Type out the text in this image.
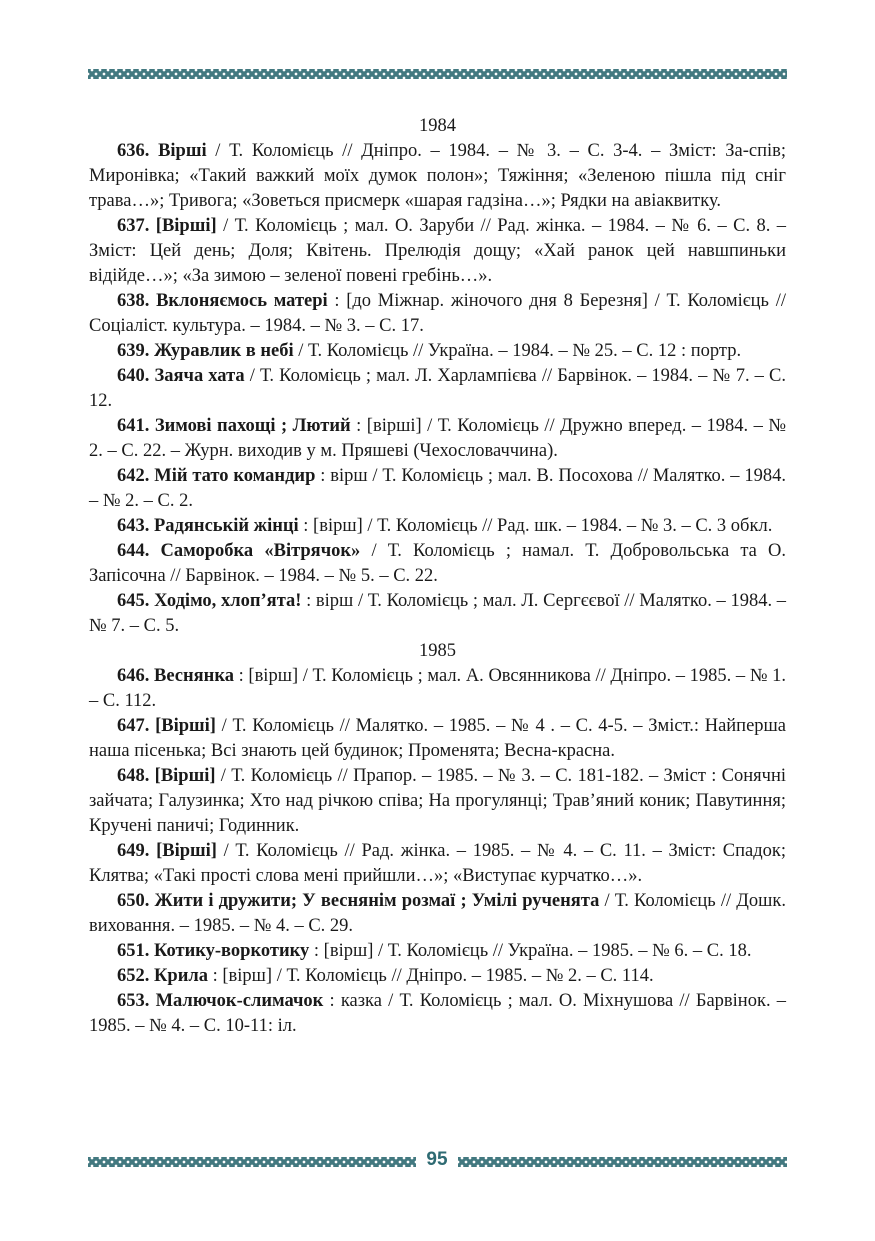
1984

636. Вірші / Т. Коломієць // Дніпро. – 1984. – № 3. – С. 3-4. – Зміст: За-спів; Миронівка; «Такий важкий моїх думок полон»; Тяжіння; «Зеленою пішла під сніг трава…»; Тривога; «Зоветься присмерк «шарая гадзіна…»; Рядки на авіаквитку.

637. [Вірші] / Т. Коломієць ; мал. О. Заруби // Рад. жінка. – 1984. – № 6. – С. 8. – Зміст: Цей день; Доля; Квітень. Прелюдія дощу; «Хай ранок цей навшпиньки відійде…»; «За зимою – зеленої повені гребінь…».

638. Вклоняємось матері : [до Міжнар. жіночого дня 8 Березня] / Т. Коломієць // Соціаліст. культура. – 1984. – № 3. – С. 17.

639. Журавлик в небі / Т. Коломієць // Україна. – 1984. – № 25. – С. 12 : портр.

640. Заяча хата / Т. Коломієць ; мал. Л. Харлампієва // Барвінок. – 1984. – № 7. – С. 12.

641. Зимові пахощі ; Лютий : [вірші] / Т. Коломієць // Дружно вперед. – 1984. – № 2. – С. 22. – Журн. виходив у м. Пряшеві (Чехословаччина).

642. Мій тато командир : вірш / Т. Коломієць ; мал. В. Посохова // Малятко. – 1984. – № 2. – С. 2.

643. Радянській жінці : [вірш] / Т. Коломієць // Рад. шк. – 1984. – № 3. – С. 3 обкл.

644. Саморобка «Вітрячок» / Т. Коломієць ; намал. Т. Добровольська та О. Запісочна // Барвінок. – 1984. – № 5. – С. 22.

645. Ходімо, хлоп’ята! : вірш / Т. Коломієць ; мал. Л. Сергєєвої // Малятко. – 1984. – № 7. – С. 5.

1985

646. Веснянка : [вірш] / Т. Коломієць ; мал. А. Овсянникова // Дніпро. – 1985. – № 1. – С. 112.

647. [Вірші] / Т. Коломієць // Малятко. – 1985. – № 4 . – С. 4-5. – Зміст.: Найперша наша пісенька; Всі знають цей будинок; Променята; Весна-красна.

648. [Вірші] / Т. Коломієць // Прапор. – 1985. – № 3. – С. 181-182. – Зміст : Сонячні зайчата; Галузинка; Хто над річкою співа; На прогулянці; Трав’яний коник; Павутиння; Кручені паничі; Годинник.

649. [Вірші] / Т. Коломієць // Рад. жінка. – 1985. – № 4. – С. 11. – Зміст: Спадок; Клятва; «Такі прості слова мені прийшли…»; «Виступає курчатко…».

650. Жити і дружити; У веснянім розмаї ; Умілі рученята / Т. Коломієць // Дошк. виховання. – 1985. – № 4. – С. 29.

651. Котику-воркотику : [вірш] / Т. Коломієць // Україна. – 1985. – № 6. – С. 18.

652. Крила : [вірш] / Т. Коломієць // Дніпро. – 1985. – № 2. – С. 114.

653. Малючок-слимачок : казка / Т. Коломієць ; мал. О. Міхнушова // Барвінок. – 1985. – № 4. – С. 10-11: іл.

95
